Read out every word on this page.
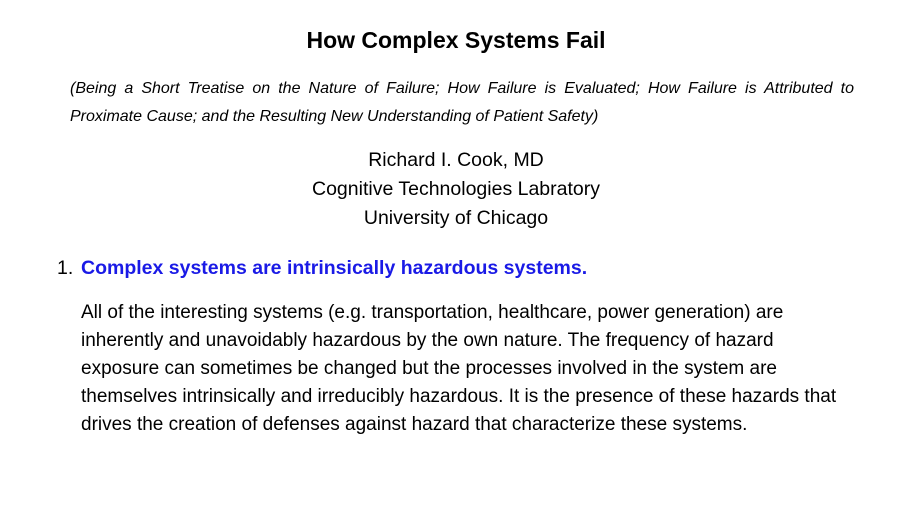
How Complex Systems Fail

(Being a Short Treatise on the Nature of Failure; How Failure is Evaluated; How Failure is Attributed to Proximate Cause; and the Resulting New Understanding of Patient Safety)

Richard I. Cook, MD
Cognitive Technologies Labratory
University of Chicago
1. Complex systems are intrinsically hazardous systems.
All of the interesting systems (e.g. transportation, healthcare, power generation) are inherently and unavoidably hazardous by the own nature. The frequency of hazard exposure can sometimes be changed but the processes involved in the system are themselves intrinsically and irreducibly hazardous. It is the presence of these hazards that drives the creation of defenses against hazard that characterize these systems.
